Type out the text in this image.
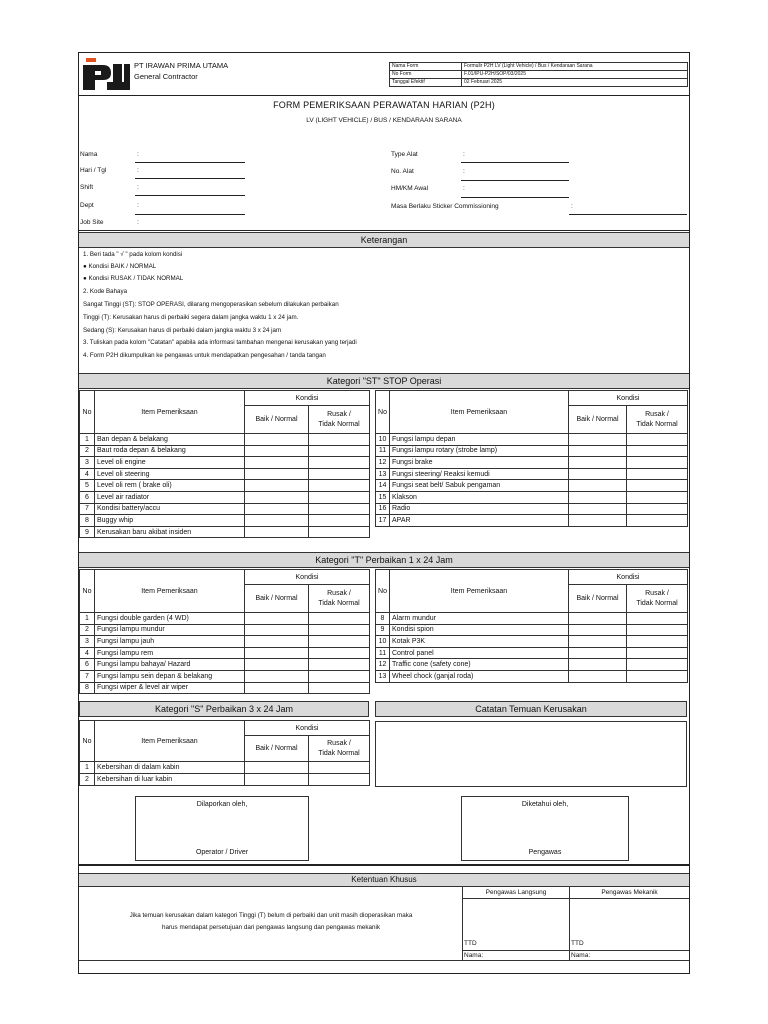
PT IRAWAN PRIMA UTAMA
General Contractor
Nama Form	Formulir P2H LV (Light Vehicle) / Bus / Kendaraan Sarana
No Form	F.01/IPU-P2H/SOP/03/2025
Tanggal Efektif	02 Februari 2025
FORM PEMERIKSAAN PERAWATAN HARIAN (P2H)
LV (LIGHT VEHICLE) / BUS / KENDARAAN SARANA
Nama	:
Hari / Tgl	:
Shift	:
Dept	:
Job Site	:
Type Alat	:
No. Alat	:
HM/KM Awal	:
Masa Berlaku Sticker Commissioning	:
Keterangan
1. Beri tada " √ " pada kolom kondisi
● Kondisi BAIK / NORMAL
● Kondisi RUSAK / TIDAK NORMAL
2. Kode Bahaya
Sangat Tinggi (ST): STOP OPERASI, dilarang mengoperasikan sebelum dilakukan perbaikan
Tinggi (T): Kerusakan harus di perbaiki segera dalam jangka waktu 1 x 24 jam.
Sedang (S): Kerusakan harus di perbaiki dalam jangka waktu 3 x 24 jam
3. Tuliskan pada kolom "Catatan" apabila ada informasi tambahan mengenai kerusakan yang terjadi
4. Form P2H dikumpulkan ke pengawas untuk mendapatkan pengesahan / tanda tangan
Kategori "ST" STOP Operasi
No	Item Pemeriksaan	Kondisi	
		Baik / Normal	Rusak /
Tidak Normal
1	Ban depan & belakang		
2	Baut roda depan & belakang		
3	Level oli engine		
4	Level oli steering		
5	Level oli rem ( brake oli)		
6	Level air radiator		
7	Kondisi battery/accu		
8	Buggy whip		
9	Kerusakan baru akibat insiden		
No	Item Pemeriksaan	Kondisi	
		Baik / Normal	Rusak /
Tidak Normal
10	Fungsi lampu depan		
11	Fungsi lampu rotary (strobe lamp)		
12	Fungsi brake		
13	Fungsi steering/ Reaksi kemudi		
14	Fungsi seat belt/ Sabuk pengaman		
15	Klakson		
16	Radio		
17	APAR		
Kategori "T" Perbaikan 1 x 24 Jam
No	Item Pemeriksaan	Kondisi	
		Baik / Normal	Rusak /
Tidak Normal
1	Fungsi double garden (4 WD)		
2	Fungsi lampu mundur		
3	Fungsi lampu jauh		
4	Fungsi lampu rem		
6	Fungsi lampu bahaya/ Hazard		
7	Fungsi lampu sein depan & belakang		
8	Fungsi wiper & level air wiper		
No	Item Pemeriksaan	Kondisi	
		Baik / Normal	Rusak /
Tidak Normal
8	Alarm mundur		
9	Kondisi spion		
10	Kotak P3K		
11	Control panel		
12	Traffic cone (safety cone)		
13	Wheel chock (ganjal roda)		
Kategori "S" Perbaikan 3 x 24 Jam
No	Item Pemeriksaan	Kondisi	
		Baik / Normal	Rusak /
Tidak Normal
1	Kebersihan di dalam kabin		
2	Kebersihan di luar kabin		
Catatan Temuan Kerusakan
Dilaporkan oleh,
Operator / Driver
Diketahui oleh,
Pengawas
Ketentuan Khusus
Jika temuan kerusakan dalam kategori Tinggi (T) belum di perbaiki dan unit masih dioperasikan maka
harus mendapat persetujuan dari pengawas langsung dan pengawas mekanik
Pengawas Langsung	Pengawas Mekanik
TTD	TTD
Nama:	Nama:
